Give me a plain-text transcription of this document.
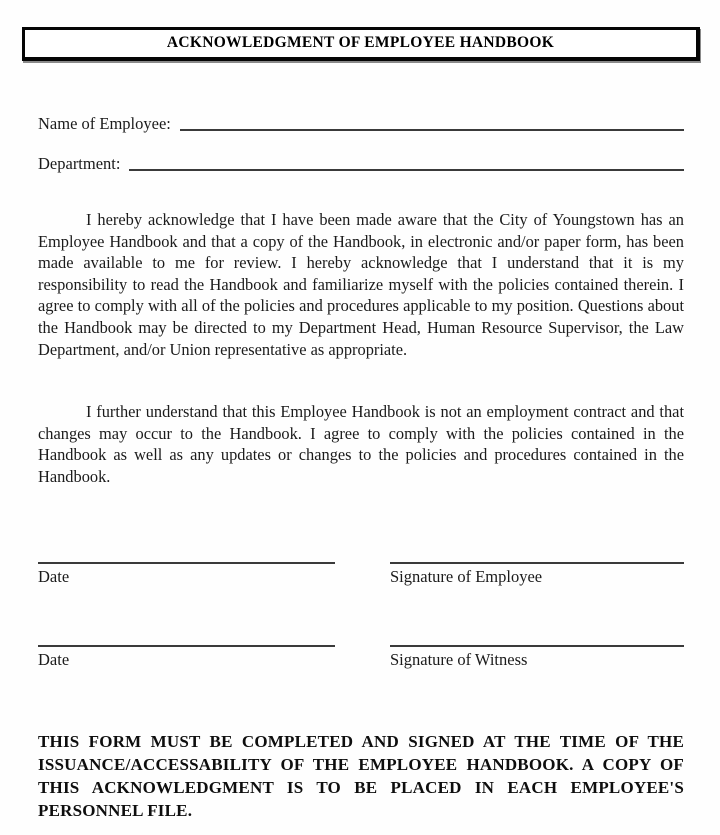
ACKNOWLEDGMENT OF EMPLOYEE HANDBOOK
Name of Employee:
Department:

I hereby acknowledge that I have been made aware that the City of Youngstown has an Employee Handbook and that a copy of the Handbook, in electronic and/or paper form, has been made available to me for review. I hereby acknowledge that I understand that it is my responsibility to read the Handbook and familiarize myself with the policies contained therein. I agree to comply with all of the policies and procedures applicable to my position. Questions about the Handbook may be directed to my Department Head, Human Resource Supervisor, the Law Department, and/or Union representative as appropriate.

I further understand that this Employee Handbook is not an employment contract and that changes may occur to the Handbook. I agree to comply with the policies contained in the Handbook as well as any updates or changes to the policies and procedures contained in the Handbook.

Date	Signature of Employee
Date	Signature of Witness

THIS FORM MUST BE COMPLETED AND SIGNED AT THE TIME OF THE ISSUANCE/ACCESSABILITY OF THE EMPLOYEE HANDBOOK. A COPY OF THIS ACKNOWLEDGMENT IS TO BE PLACED IN EACH EMPLOYEE'S PERSONNEL FILE.
